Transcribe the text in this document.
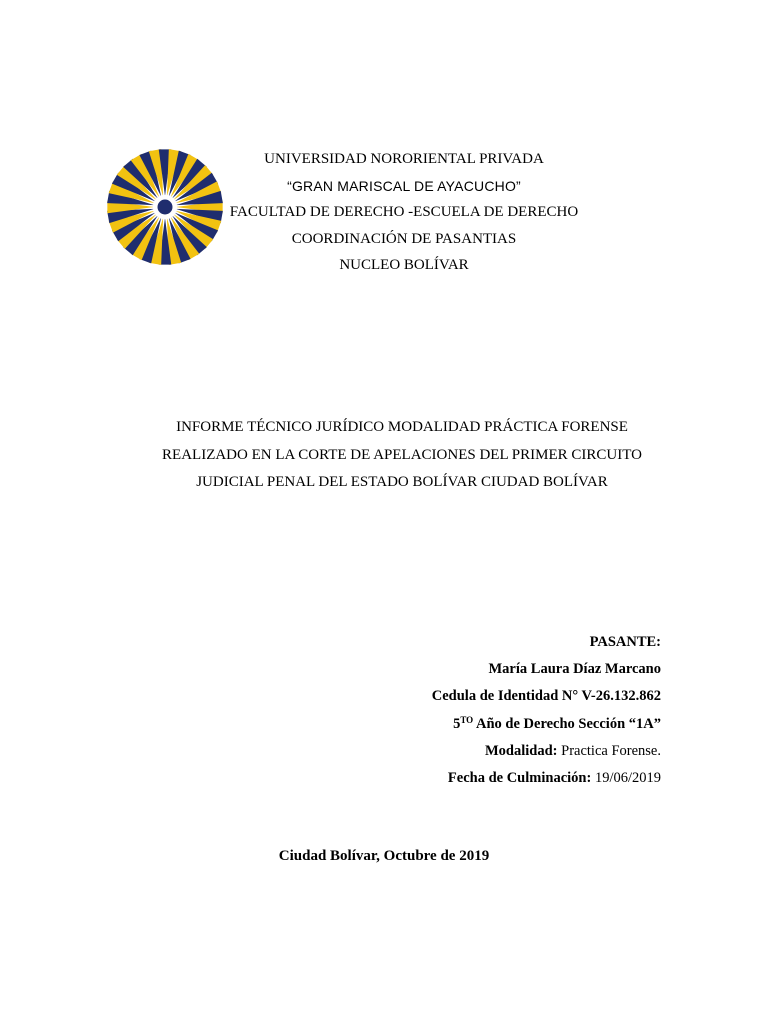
UNIVERSIDAD NORORIENTAL PRIVADA
“GRAN MARISCAL DE AYACUCHO”
FACULTAD DE DERECHO -ESCUELA DE DERECHO
COORDINACIÓN DE PASANTIAS
NUCLEO BOLÍVAR
INFORME TÉCNICO JURÍDICO MODALIDAD PRÁCTICA FORENSE
REALIZADO EN LA CORTE DE APELACIONES DEL PRIMER CIRCUITO
JUDICIAL PENAL DEL ESTADO BOLÍVAR CIUDAD BOLÍVAR
PASANTE:
María Laura Díaz Marcano
Cedula de Identidad N° V-26.132.862
$5^{TO}$ Año de Derecho Sección “1A”
Modalidad: Practica Forense.
Fecha de Culminación: 19/06/2019
Ciudad Bolívar, Octubre de 2019
